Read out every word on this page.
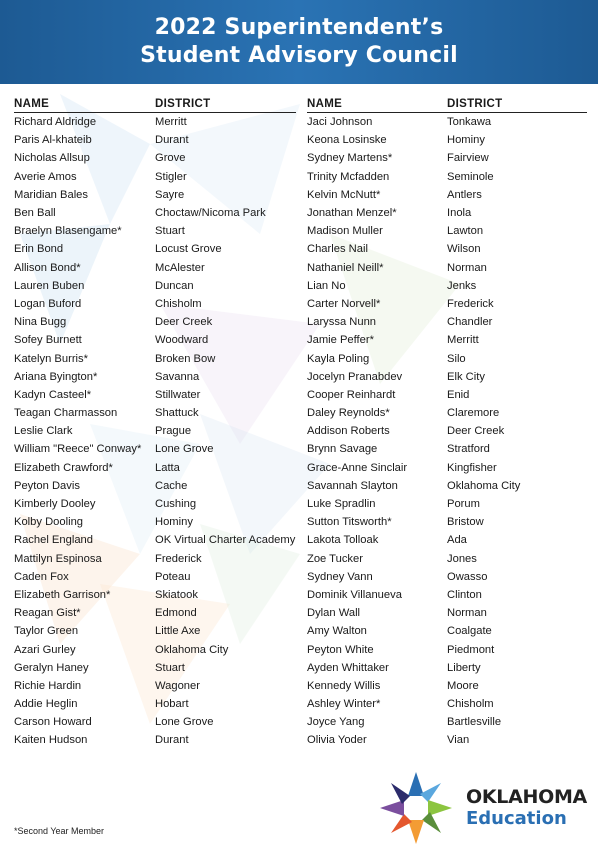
2022 Superintendent’s
Student Advisory Council
NAME	DISTRICT
Richard Aldridge	Merritt
Paris Al-khateib	Durant
Nicholas Allsup	Grove
Averie Amos	Stigler
Maridian Bales	Sayre
Ben Ball	Choctaw/Nicoma Park
Braelyn Blasengame*	Stuart
Erin Bond	Locust Grove
Allison Bond*	McAlester
Lauren Buben	Duncan
Logan Buford	Chisholm
Nina Bugg	Deer Creek
Sofey Burnett	Woodward
Katelyn Burris*	Broken Bow
Ariana Byington*	Savanna
Kadyn Casteel*	Stillwater
Teagan Charmasson	Shattuck
Leslie Clark	Prague
William "Reece" Conway*	Lone Grove
Elizabeth Crawford*	Latta
Peyton Davis	Cache
Kimberly Dooley	Cushing
Kolby Dooling	Hominy
Rachel England	OK Virtual Charter Academy
Mattilyn Espinosa	Frederick
Caden Fox	Poteau
Elizabeth Garrison*	Skiatook
Reagan Gist*	Edmond
Taylor Green	Little Axe
Azari Gurley	Oklahoma City
Geralyn Haney	Stuart
Richie Hardin	Wagoner
Addie Heglin	Hobart
Carson Howard	Lone Grove
Kaiten Hudson	Durant
NAME	DISTRICT
Jaci Johnson	Tonkawa
Keona Losinske	Hominy
Sydney Martens*	Fairview
Trinity Mcfadden	Seminole
Kelvin McNutt*	Antlers
Jonathan Menzel*	Inola
Madison Muller	Lawton
Charles Nail	Wilson
Nathaniel Neill*	Norman
Lian No	Jenks
Carter Norvell*	Frederick
Laryssa Nunn	Chandler
Jamie Peffer*	Merritt
Kayla Poling	Silo
Jocelyn Pranabdev	Elk City
Cooper Reinhardt	Enid
Daley Reynolds*	Claremore
Addison Roberts	Deer Creek
Brynn Savage	Stratford
Grace-Anne Sinclair	Kingfisher
Savannah Slayton	Oklahoma City
Luke Spradlin	Porum
Sutton Titsworth*	Bristow
Lakota Tolloak	Ada
Zoe Tucker	Jones
Sydney Vann	Owasso
Dominik Villanueva	Clinton
Dylan Wall	Norman
Amy Walton	Coalgate
Peyton White	Piedmont
Ayden Whittaker	Liberty
Kennedy Willis	Moore
Ashley Winter*	Chisholm
Joyce Yang	Bartlesville
Olivia Yoder	Vian
*Second Year Member
OKLAHOMA
Education
